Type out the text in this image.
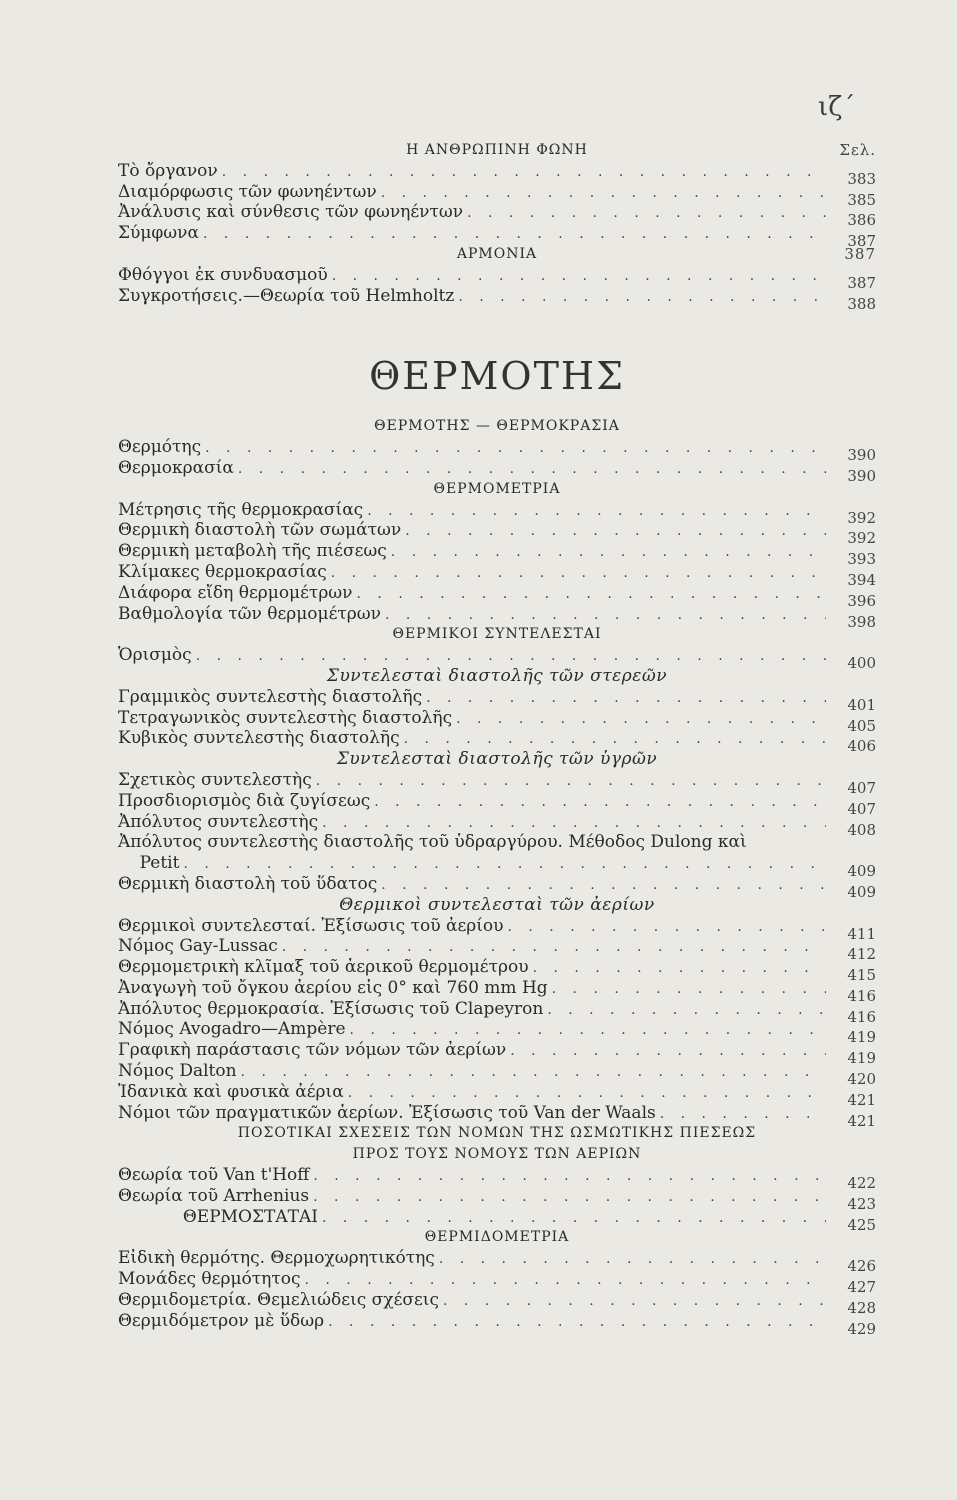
ιζ΄
Η ΑΝΘΡΩΠΙΝΗ ΦΩΝΗ	Σελ.
Τὸ ὄργανον . . .	383
Διαμόρφωσις τῶν φωνηέντων . . .	385
Ἀνάλυσις καὶ σύνθεσις τῶν φωνηέντων . . .	386
Σύμφωνα . . .	387
ΑΡΜΟΝΙΑ	387
Φθόγγοι ἐκ συνδυασμοῦ . . .	387
Συγκροτήσεις.—Θεωρία τοῦ Helmholtz . . .	388
ΘΕΡΜΟΤΗΣ
ΘΕΡΜΟΤΗΣ — ΘΕΡΜΟΚΡΑΣΙΑ
Θερμότης . . .	390
Θερμοκρασία . . .	390
ΘΕΡΜΟΜΕΤΡΙΑ
Μέτρησις τῆς θερμοκρασίας . . .	392
Θερμικὴ διαστολὴ τῶν σωμάτων . . .	392
Θερμικὴ μεταβολὴ τῆς πιέσεως . . .	393
Κλίμακες θερμοκρασίας . . .	394
Διάφορα εἴδη θερμομέτρων . . .	396
Βαθμολογία τῶν θερμομέτρων . . .	398
ΘΕΡΜΙΚΟΙ ΣΥΝΤΕΛΕΣΤΑΙ
Ὁρισμὸς . . .	400
Συντελεσταὶ διαστολῆς τῶν στερεῶν
Γραμμικὸς συντελεστὴς διαστολῆς . . .	401
Τετραγωνικὸς συντελεστὴς διαστολῆς . . .	405
Κυβικὸς συντελεστὴς διαστολῆς . . .	406
Συντελεσταὶ διαστολῆς τῶν ὑγρῶν
Σχετικὸς συντελεστὴς . . .	407
Προσδιορισμὸς διὰ ζυγίσεως . . .	407
Ἀπόλυτος συντελεστὴς . . .	408
Ἀπόλυτος συντελεστὴς διαστολῆς τοῦ ὑδραργύρου. Μέθοδος Dulong καὶ
Petit . . .	409
Θερμικὴ διαστολὴ τοῦ ὕδατος . . .	409
Θερμικοὶ συντελεσταὶ τῶν ἀερίων
Θερμικοὶ συντελεσταί. Ἐξίσωσις τοῦ ἀερίου . . .	411
Νόμος Gay-Lussac . . .	412
Θερμομετρικὴ κλῖμαξ τοῦ ἀερικοῦ θερμομέτρου . . .	415
Ἀναγωγὴ τοῦ ὄγκου ἀερίου εἰς 0° καὶ 760 mm Hg . . .	416
Ἀπόλυτος θερμοκρασία. Ἐξίσωσις τοῦ Clapeyron . . .	416
Νόμος Avogadro—Ampère . . .	419
Γραφικὴ παράστασις τῶν νόμων τῶν ἀερίων . . .	419
Νόμος Dalton . . .	420
Ἰδανικὰ καὶ φυσικὰ ἀέρια . . .	421
Νόμοι τῶν πραγματικῶν ἀερίων. Ἐξίσωσις τοῦ Van der Waals . . .	421
ΠΟΣΟΤΙΚΑΙ ΣΧΕΣΕΙΣ ΤΩΝ ΝΟΜΩΝ ΤΗΣ ΩΣΜΩΤΙΚΗΣ ΠΙΕΣΕΩΣ
ΠΡΟΣ ΤΟΥΣ ΝΟΜΟΥΣ ΤΩΝ ΑΕΡΙΩΝ
Θεωρία τοῦ Van t'Hoff . . .	422
Θεωρία τοῦ Arrhenius . . .	423
ΘΕΡΜΟΣΤΑΤΑΙ . . .	425
ΘΕΡΜΙΔΟΜΕΤΡΙΑ
Εἰδικὴ θερμότης. Θερμοχωρητικότης . . .	426
Μονάδες θερμότητος . . .	427
Θερμιδομετρία. Θεμελιώδεις σχέσεις . . .	428
Θερμιδόμετρον μὲ ὕδωρ . . .	429
